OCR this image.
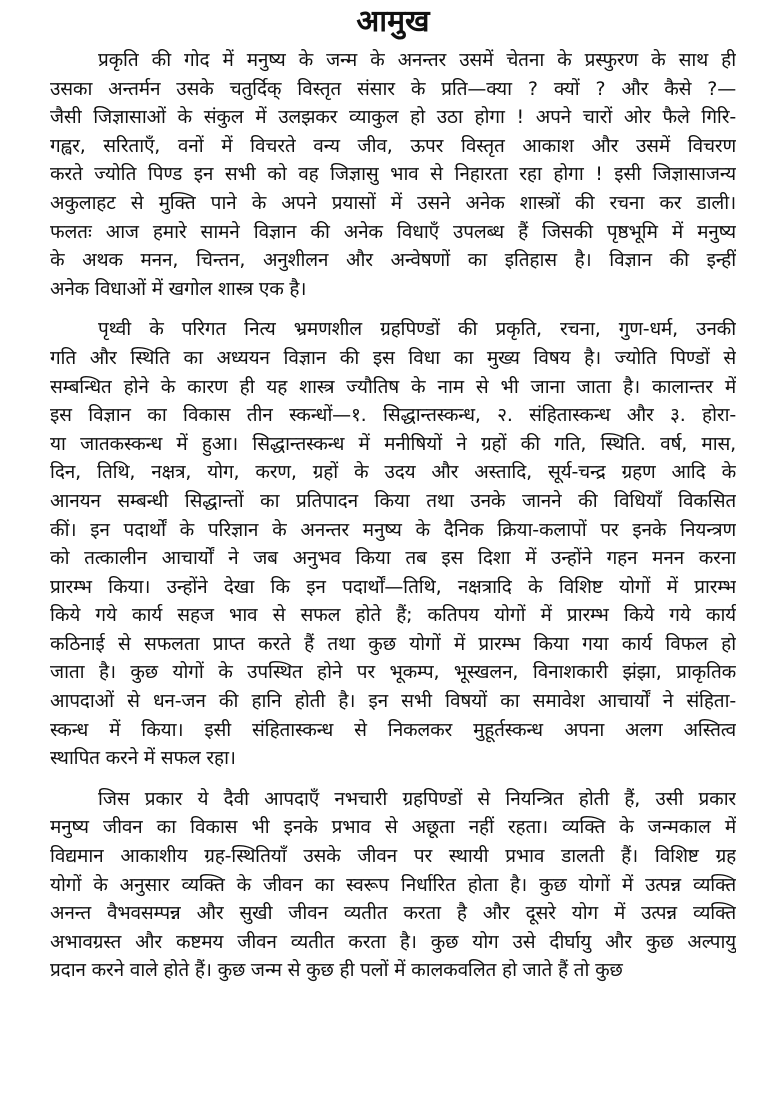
आमुख
प्रकृति की गोद में मनुष्य के जन्म के अनन्तर उसमें चेतना के प्रस्फुरण के साथ ही
उसका अन्तर्मन उसके चतुर्दिक् विस्तृत संसार के प्रति—क्या ? क्यों ? और कैसे ?—
जैसी जिज्ञासाओं के संकुल में उलझकर व्याकुल हो उठा होगा ! अपने चारों ओर फैले गिरि-
गह्वर, सरिताएँ, वनों में विचरते वन्य जीव, ऊपर विस्तृत आकाश और उसमें विचरण
करते ज्योति पिण्ड इन सभी को वह जिज्ञासु भाव से निहारता रहा होगा ! इसी जिज्ञासाजन्य
अकुलाहट से मुक्ति पाने के अपने प्रयासों में उसने अनेक शास्त्रों की रचना कर डाली।
फलतः आज हमारे सामने विज्ञान की अनेक विधाएँ उपलब्ध हैं जिसकी पृष्ठभूमि में मनुष्य
के अथक मनन, चिन्तन, अनुशीलन और अन्वेषणों का इतिहास है। विज्ञान की इन्हीं
अनेक विधाओं में खगोल शास्त्र एक है।
पृथ्वी के परिगत नित्य भ्रमणशील ग्रहपिण्डों की प्रकृति, रचना, गुण-धर्म, उनकी
गति और स्थिति का अध्ययन विज्ञान की इस विधा का मुख्य विषय है। ज्योति पिण्डों से
सम्बन्धित होने के कारण ही यह शास्त्र ज्यौतिष के नाम से भी जाना जाता है। कालान्तर में
इस विज्ञान का विकास तीन स्कन्धों—१. सिद्धान्तस्कन्ध, २. संहितास्कन्ध और ३. होरा-
या जातकस्कन्ध में हुआ। सिद्धान्तस्कन्ध में मनीषियों ने ग्रहों की गति, स्थिति. वर्ष, मास,
दिन, तिथि, नक्षत्र, योग, करण, ग्रहों के उदय और अस्तादि, सूर्य-चन्द्र ग्रहण आदि के
आनयन सम्बन्धी सिद्धान्तों का प्रतिपादन किया तथा उनके जानने की विधियाँ विकसित
कीं। इन पदार्थों के परिज्ञान के अनन्तर मनुष्य के दैनिक क्रिया-कलापों पर इनके नियन्त्रण
को तत्कालीन आचार्यों ने जब अनुभव किया तब इस दिशा में उन्होंने गहन मनन करना
प्रारम्भ किया। उन्होंने देखा कि इन पदार्थों—तिथि, नक्षत्रादि के विशिष्ट योगों में प्रारम्भ
किये गये कार्य सहज भाव से सफल होते हैं; कतिपय योगों में प्रारम्भ किये गये कार्य
कठिनाई से सफलता प्राप्त करते हैं तथा कुछ योगों में प्रारम्भ किया गया कार्य विफल हो
जाता है। कुछ योगों के उपस्थित होने पर भूकम्प, भूस्खलन, विनाशकारी झंझा, प्राकृतिक
आपदाओं से धन-जन की हानि होती है। इन सभी विषयों का समावेश आचार्यों ने संहिता-
स्कन्ध में किया। इसी संहितास्कन्ध से निकलकर मुहूर्तस्कन्ध अपना अलग अस्तित्व
स्थापित करने में सफल रहा।
जिस प्रकार ये दैवी आपदाएँ नभचारी ग्रहपिण्डों से नियन्त्रित होती हैं, उसी प्रकार
मनुष्य जीवन का विकास भी इनके प्रभाव से अछूता नहीं रहता। व्यक्ति के जन्मकाल में
विद्यमान आकाशीय ग्रह-स्थितियाँ उसके जीवन पर स्थायी प्रभाव डालती हैं। विशिष्ट ग्रह
योगों के अनुसार व्यक्ति के जीवन का स्वरूप निर्धारित होता है। कुछ योगों में उत्पन्न व्यक्ति
अनन्त वैभवसम्पन्न और सुखी जीवन व्यतीत करता है और दूसरे योग में उत्पन्न व्यक्ति
अभावग्रस्त और कष्टमय जीवन व्यतीत करता है। कुछ योग उसे दीर्घायु और कुछ अल्पायु
प्रदान करने वाले होते हैं। कुछ जन्म से कुछ ही पलों में कालकवलित हो जाते हैं तो कुछ
